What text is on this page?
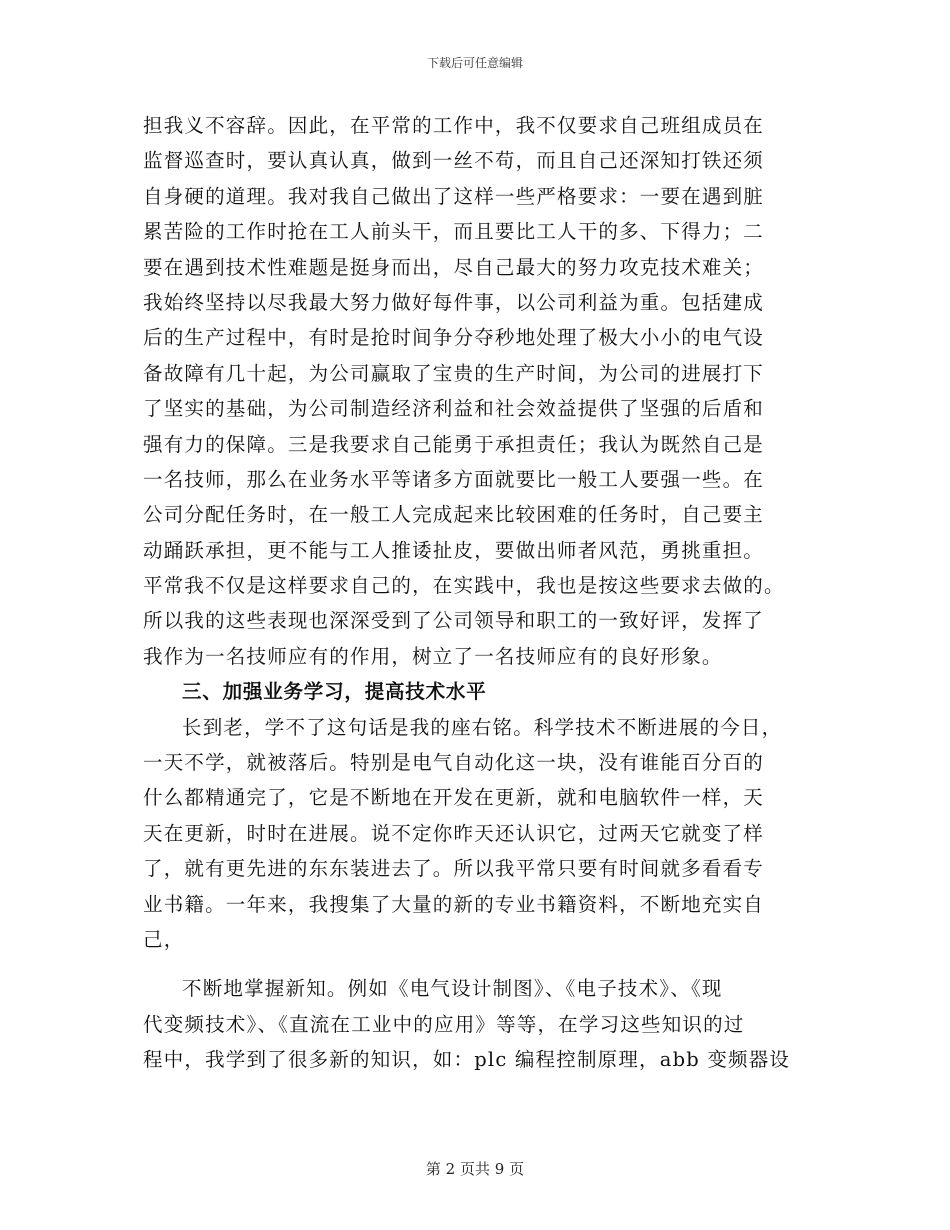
下载后可任意编辑
担我义不容辞。因此，在平常的工作中，我不仅要求自己班组成员在
监督巡查时，要认真认真，做到一丝不苟，而且自己还深知打铁还须
自身硬的道理。我对我自己做出了这样一些严格要求：一要在遇到脏
累苦险的工作时抢在工人前头干，而且要比工人干的多、下得力；二
要在遇到技术性难题是挺身而出，尽自己最大的努力攻克技术难关；
我始终坚持以尽我最大努力做好每件事，以公司利益为重。包括建成
后的生产过程中，有时是抢时间争分夺秒地处理了极大小小的电气设
备故障有几十起，为公司赢取了宝贵的生产时间，为公司的进展打下
了坚实的基础，为公司制造经济利益和社会效益提供了坚强的后盾和
强有力的保障。三是我要求自己能勇于承担责任；我认为既然自己是
一名技师，那么在业务水平等诸多方面就要比一般工人要强一些。在
公司分配任务时，在一般工人完成起来比较困难的任务时，自己要主
动踊跃承担，更不能与工人推诿扯皮，要做出师者风范，勇挑重担。
平常我不仅是这样要求自己的，在实践中，我也是按这些要求去做的。
所以我的这些表现也深深受到了公司领导和职工的一致好评，发挥了
我作为一名技师应有的作用，树立了一名技师应有的良好形象。
三、加强业务学习，提高技术水平
长到老，学不了这句话是我的座右铭。科学技术不断进展的今日，
一天不学，就被落后。特别是电气自动化这一块，没有谁能百分百的
什么都精通完了，它是不断地在开发在更新，就和电脑软件一样，天
天在更新，时时在进展。说不定你昨天还认识它，过两天它就变了样
了，就有更先进的东东装进去了。所以我平常只要有时间就多看看专
业书籍。一年来，我搜集了大量的新的专业书籍资料，不断地充实自
己，
不断地掌握新知。例如《电气设计制图》、《电子技术》、《现
代变频技术》、《直流在工业中的应用》等等，在学习这些知识的过
程中，我学到了很多新的知识，如：plc 编程控制原理，abb 变频器设
第 2 页共 9 页
